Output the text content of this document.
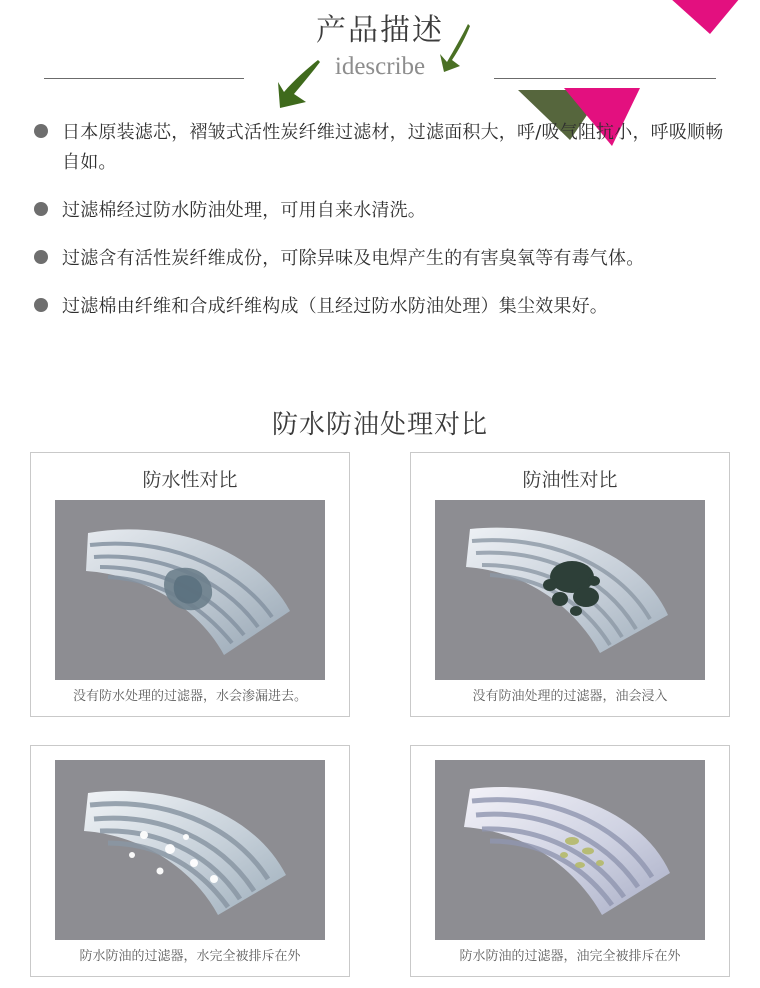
产品描述
idescribe
日本原装滤芯，褶皱式活性炭纤维过滤材，过滤面积大，呼/吸气阻抗小，呼吸顺畅自如。
过滤棉经过防水防油处理，可用自来水清洗。
过滤含有活性炭纤维成份，可除异味及电焊产生的有害臭氧等有毒气体。
过滤棉由纤维和合成纤维构成（且经过防水防油处理）集尘效果好。
防水防油处理对比
防水性对比
没有防水处理的过滤器，水会渗漏进去。
防油性对比
没有防油处理的过滤器，油会浸入
防水防油的过滤器，水完全被排斥在外	防水防油的过滤器，油完全被排斥在外
